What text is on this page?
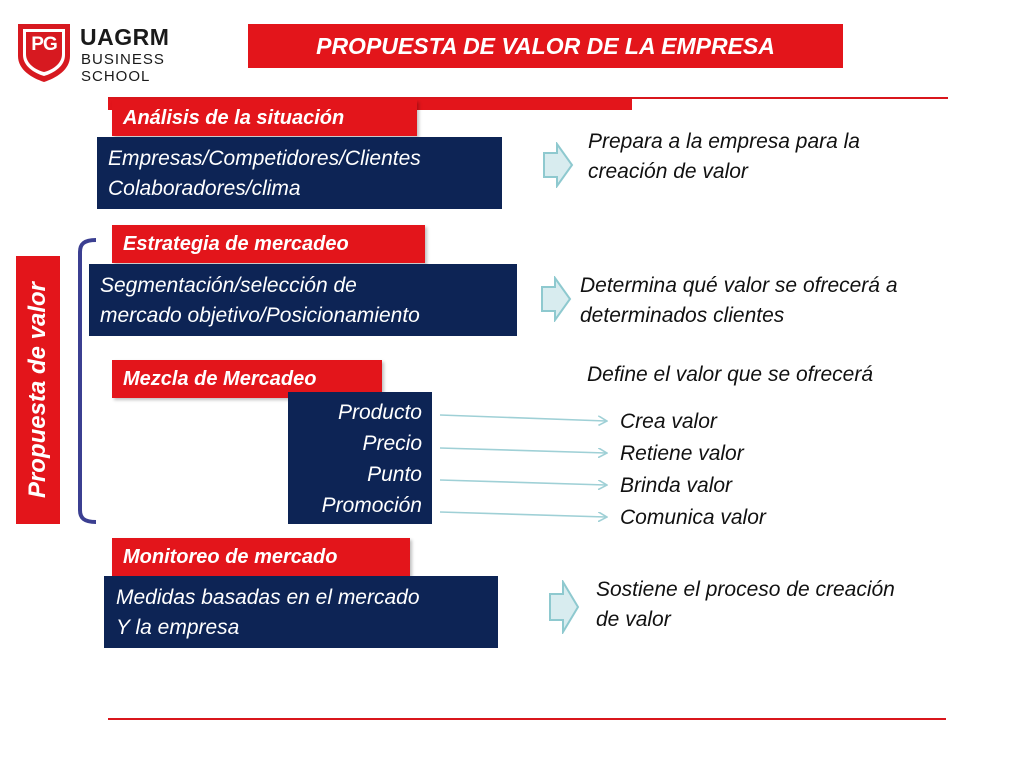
PG	UAGRM
BUSINESS
SCHOOL
PROPUESTA DE VALOR DE LA EMPRESA
Propuesta de valor
Análisis de la situación
Empresas/Competidores/Clientes
Colaboradores/clima
Prepara a la empresa para la
creación de valor
Estrategia de mercadeo
Segmentación/selección de
mercado objetivo/Posicionamiento
Determina qué valor se ofrecerá a
determinados clientes
Mezcla de Mercadeo
Producto
Precio
Punto
Promoción
Define el valor que se ofrecerá
Crea valor
Retiene valor
Brinda valor
Comunica valor
Monitoreo de mercado
Medidas basadas en el mercado
Y la empresa
Sostiene el proceso de creación
de valor
